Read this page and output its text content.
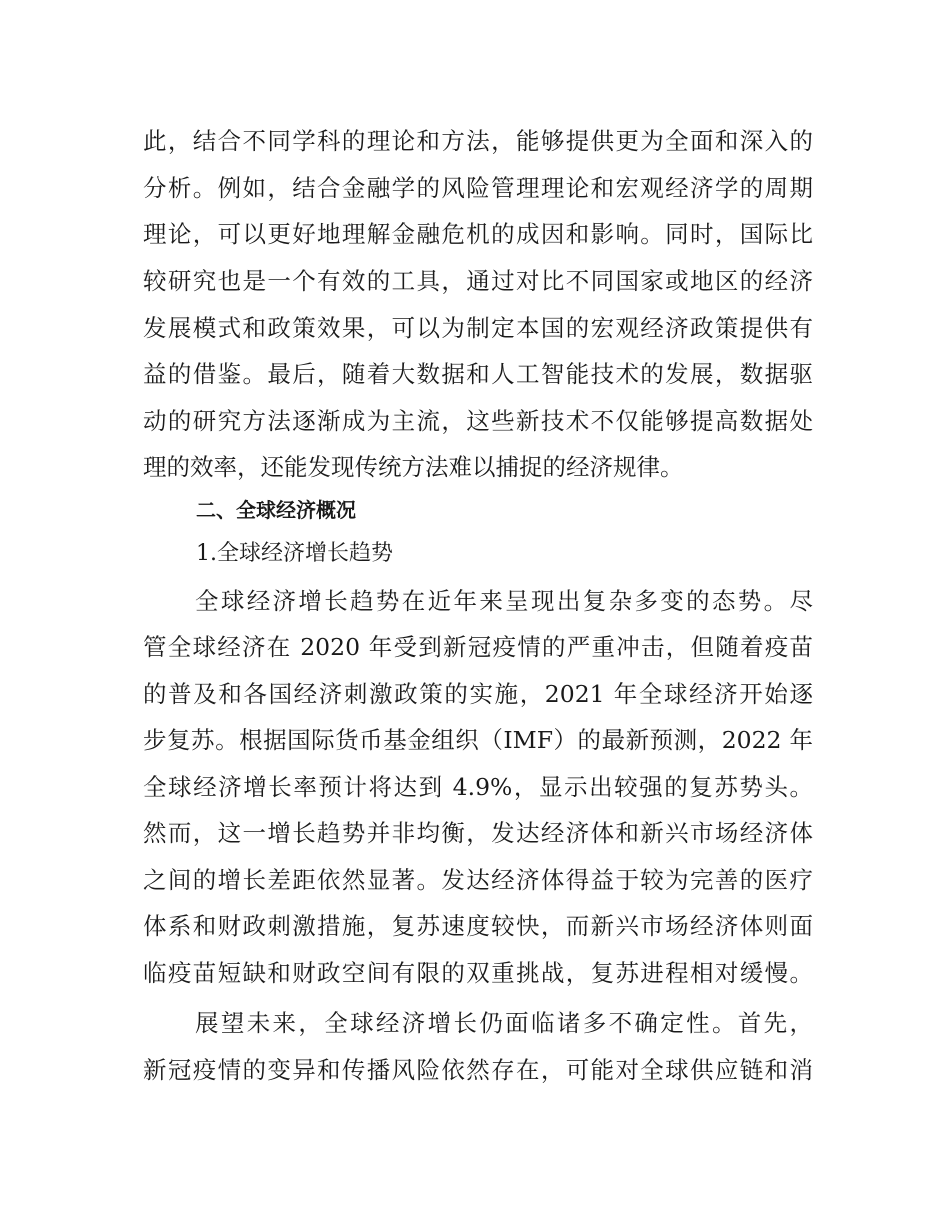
此，结合不同学科的理论和方法，能够提供更为全面和深入的
分析。例如，结合金融学的风险管理理论和宏观经济学的周期
理论，可以更好地理解金融危机的成因和影响。同时，国际比
较研究也是一个有效的工具，通过对比不同国家或地区的经济
发展模式和政策效果，可以为制定本国的宏观经济政策提供有
益的借鉴。最后，随着大数据和人工智能技术的发展，数据驱
动的研究方法逐渐成为主流，这些新技术不仅能够提高数据处
理的效率，还能发现传统方法难以捕捉的经济规律。
二、全球经济概况
1.全球经济增长趋势
全球经济增长趋势在近年来呈现出复杂多变的态势。尽
管全球经济在 2020 年受到新冠疫情的严重冲击，但随着疫苗
的普及和各国经济刺激政策的实施，2021 年全球经济开始逐
步复苏。根据国际货币基金组织（IMF）的最新预测，2022 年
全球经济增长率预计将达到 4.9%，显示出较强的复苏势头。
然而，这一增长趋势并非均衡，发达经济体和新兴市场经济体
之间的增长差距依然显著。发达经济体得益于较为完善的医疗
体系和财政刺激措施，复苏速度较快，而新兴市场经济体则面
临疫苗短缺和财政空间有限的双重挑战，复苏进程相对缓慢。
展望未来，全球经济增长仍面临诸多不确定性。首先，
新冠疫情的变异和传播风险依然存在，可能对全球供应链和消
